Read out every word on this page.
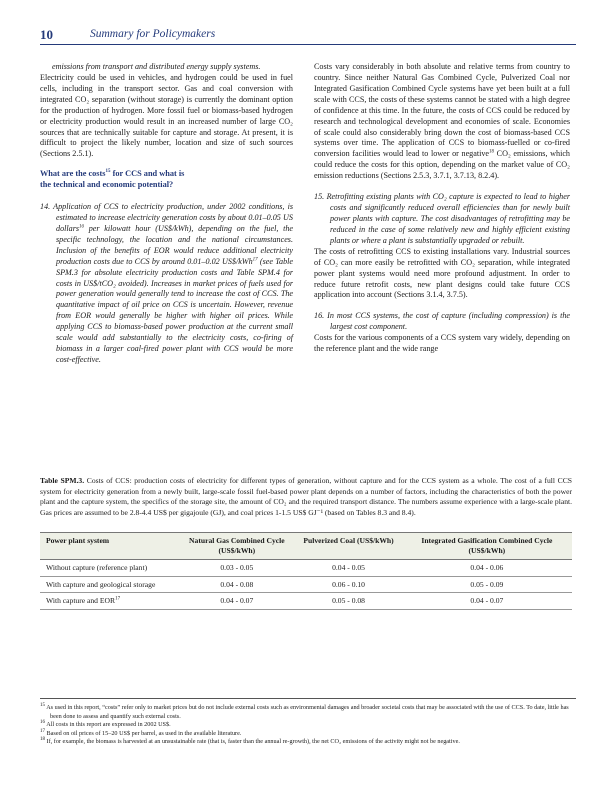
10	Summary for Policymakers

emissions from transport and distributed energy supply systems.

Electricity could be used in vehicles, and hydrogen could be used in fuel cells, including in the transport sector. Gas and coal conversion with integrated CO₂ separation (without storage) is currently the dominant option for the production of hydrogen. More fossil fuel or biomass-based hydrogen or electricity production would result in an increased number of large CO₂ sources that are technically suitable for capture and storage. At present, it is difficult to project the likely number, location and size of such sources (Sections 2.5.1).

What are the costs$^{15}$ for CCS and what is
the technical and economic potential?

14. Application of CCS to electricity production, under 2002 conditions, is estimated to increase electricity generation costs by about 0.01–0.05 US dollars$^{16}$ per kilowatt hour (US$/kWh), depending on the fuel, the specific technology, the location and the national circumstances. Inclusion of the benefits of EOR would reduce additional electricity production costs due to CCS by around 0.01–0.02 US$/kWh$^{17}$ (see Table SPM.3 for absolute electricity production costs and Table SPM.4 for costs in US$/tCO₂ avoided). Increases in market prices of fuels used for power generation would generally tend to increase the cost of CCS. The quantitative impact of oil price on CCS is uncertain. However, revenue from EOR would generally be higher with higher oil prices. While applying CCS to biomass-based power production at the current small scale would add substantially to the electricity costs, co-firing of biomass in a larger coal-fired power plant with CCS would be more cost-effective.

Costs vary considerably in both absolute and relative terms from country to country. Since neither Natural Gas Combined Cycle, Pulverized Coal nor Integrated Gasification Combined Cycle systems have yet been built at a full scale with CCS, the costs of these systems cannot be stated with a high degree of confidence at this time. In the future, the costs of CCS could be reduced by research and technological development and economies of scale. Economies of scale could also considerably bring down the cost of biomass-based CCS systems over time. The application of CCS to biomass-fuelled or co-fired conversion facilities would lead to lower or negative$^{18}$ CO₂ emissions, which could reduce the costs for this option, depending on the market value of CO₂ emission reductions (Sections 2.5.3, 3.7.1, 3.7.13, 8.2.4).

15. Retrofitting existing plants with CO₂ capture is expected to lead to higher costs and significantly reduced overall efficiencies than for newly built power plants with capture. The cost disadvantages of retrofitting may be reduced in the case of some relatively new and highly efficient existing plants or where a plant is substantially upgraded or rebuilt.

The costs of retrofitting CCS to existing installations vary. Industrial sources of CO₂ can more easily be retrofitted with CO₂ separation, while integrated power plant systems would need more profound adjustment. In order to reduce future retrofit costs, new plant designs could take future CCS application into account (Sections 3.1.4, 3.7.5).

16. In most CCS systems, the cost of capture (including compression) is the largest cost component.

Costs for the various components of a CCS system vary widely, depending on the reference plant and the wide range

Table SPM.3. Costs of CCS: production costs of electricity for different types of generation, without capture and for the CCS system as a whole. The cost of a full CCS system for electricity generation from a newly built, large-scale fossil fuel-based power plant depends on a number of factors, including the characteristics of both the power plant and the capture system, the specifics of the storage site, the amount of CO₂ and the required transport distance. The numbers assume experience with a large-scale plant. Gas prices are assumed to be 2.8-4.4 US$ per gigajoule (GJ), and coal prices 1-1.5 US$ GJ⁻¹ (based on Tables 8.3 and 8.4).
Power plant system	Natural Gas Combined Cycle (US$/kWh)	Pulverized Coal (US$/kWh)	Integrated Gasification Combined Cycle (US$/kWh)
Without capture (reference plant)	0.03 - 0.05	0.04 - 0.05	0.04 - 0.06
With capture and geological storage	0.04 - 0.08	0.06 - 0.10	0.05 - 0.09
With capture and EOR$^{17}$	0.04 - 0.07	0.05 - 0.08	0.04 - 0.07

$^{15}$ As used in this report, “costs” refer only to market prices but do not include external costs such as environmental damages and broader societal costs that may be associated with the use of CCS. To date, little has been done to assess and quantify such external costs.

$^{16}$ All costs in this report are expressed in 2002 US$.

$^{17}$ Based on oil prices of 15–20 US$ per barrel, as used in the available literature.

$^{18}$ If, for example, the biomass is harvested at an unsustainable rate (that is, faster than the annual re-growth), the net CO₂ emissions of the activity might not be negative.
